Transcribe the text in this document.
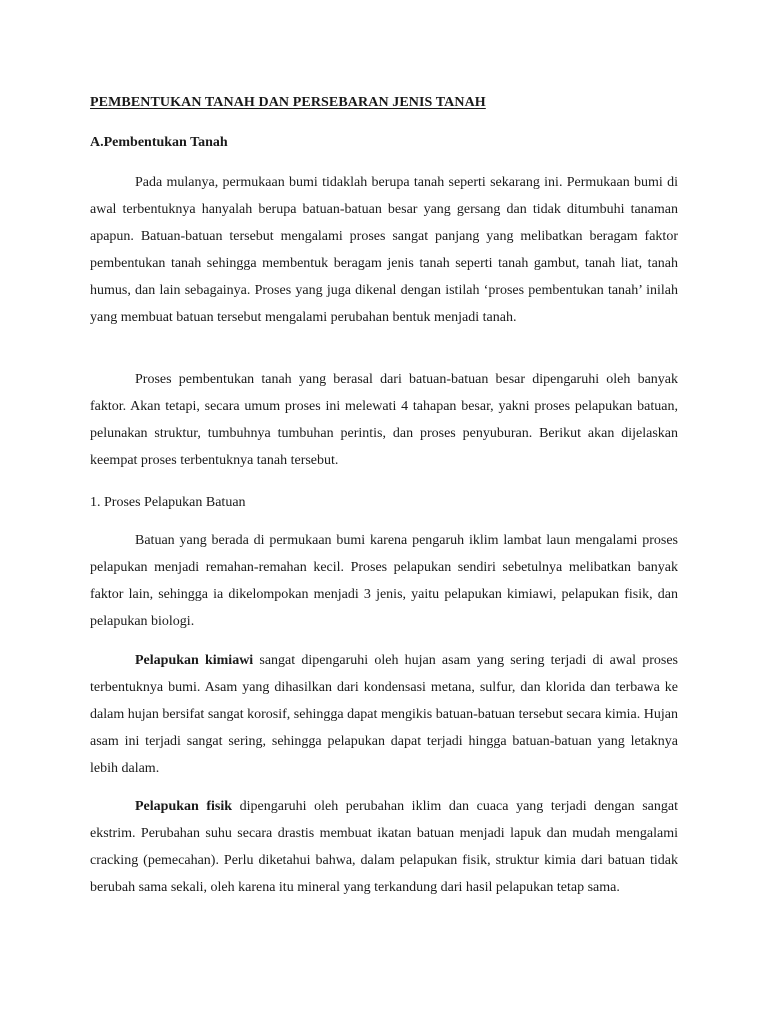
PEMBENTUKAN TANAH DAN PERSEBARAN JENIS TANAH
A.Pembentukan Tanah

Pada mulanya, permukaan bumi tidaklah berupa tanah seperti sekarang ini. Permukaan bumi di awal terbentuknya hanyalah berupa batuan-batuan besar yang gersang dan tidak ditumbuhi tanaman apapun. Batuan-batuan tersebut mengalami proses sangat panjang yang melibatkan beragam faktor pembentukan tanah sehingga membentuk beragam jenis tanah seperti tanah gambut, tanah liat, tanah humus, dan lain sebagainya. Proses yang juga dikenal dengan istilah ‘proses pembentukan tanah’ inilah yang membuat batuan tersebut mengalami perubahan bentuk menjadi tanah.

Proses pembentukan tanah yang berasal dari batuan-batuan besar dipengaruhi oleh banyak faktor. Akan tetapi, secara umum proses ini melewati 4 tahapan besar, yakni proses pelapukan batuan, pelunakan struktur, tumbuhnya tumbuhan perintis, dan proses penyuburan. Berikut akan dijelaskan keempat proses terbentuknya tanah tersebut.

1. Proses Pelapukan Batuan

Batuan yang berada di permukaan bumi karena pengaruh iklim lambat laun mengalami proses pelapukan menjadi remahan-remahan kecil. Proses pelapukan sendiri sebetulnya melibatkan banyak faktor lain, sehingga ia dikelompokan menjadi 3 jenis, yaitu pelapukan kimiawi, pelapukan fisik, dan pelapukan biologi.

Pelapukan kimiawi sangat dipengaruhi oleh hujan asam yang sering terjadi di awal proses terbentuknya bumi. Asam yang dihasilkan dari kondensasi metana, sulfur, dan klorida dan terbawa ke dalam hujan bersifat sangat korosif, sehingga dapat mengikis batuan-batuan tersebut secara kimia. Hujan asam ini terjadi sangat sering, sehingga pelapukan dapat terjadi hingga batuan-batuan yang letaknya lebih dalam.

Pelapukan fisik dipengaruhi oleh perubahan iklim dan cuaca yang terjadi dengan sangat ekstrim. Perubahan suhu secara drastis membuat ikatan batuan menjadi lapuk dan mudah mengalami cracking (pemecahan). Perlu diketahui bahwa, dalam pelapukan fisik, struktur kimia dari batuan tidak berubah sama sekali, oleh karena itu mineral yang terkandung dari hasil pelapukan tetap sama.
